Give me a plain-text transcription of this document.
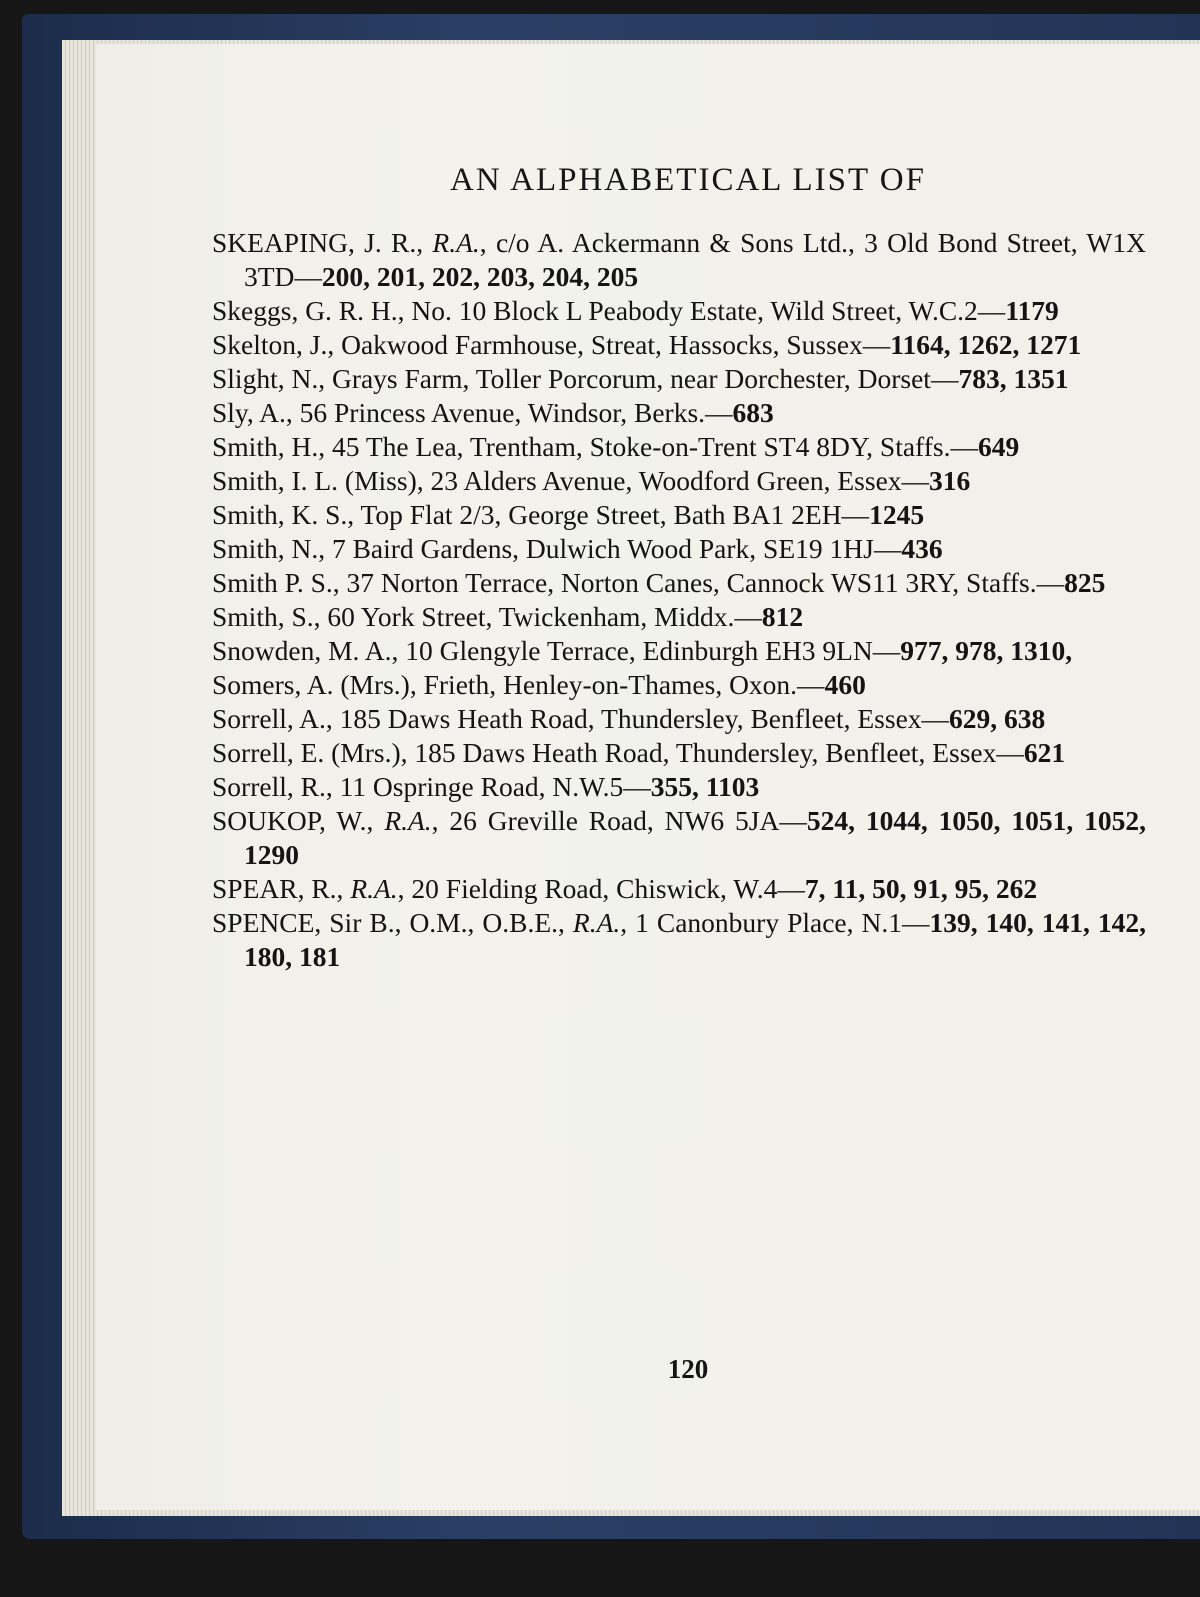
AN ALPHABETICAL LIST OF
SKEAPING, J. R., R.A., c/o A. Ackermann & Sons Ltd., 3 Old Bond Street, W1X 3TD—200, 201, 202, 203, 204, 205
Skeggs, G. R. H., No. 10 Block L Peabody Estate, Wild Street, W.C.2—1179
Skelton, J., Oakwood Farmhouse, Streat, Hassocks, Sussex—1164, 1262, 1271
Slight, N., Grays Farm, Toller Porcorum, near Dorchester, Dorset—783, 1351
Sly, A., 56 Princess Avenue, Windsor, Berks.—683
Smith, H., 45 The Lea, Trentham, Stoke-on-Trent ST4 8DY, Staffs.—649
Smith, I. L. (Miss), 23 Alders Avenue, Woodford Green, Essex—316
Smith, K. S., Top Flat 2/3, George Street, Bath BA1 2EH—1245
Smith, N., 7 Baird Gardens, Dulwich Wood Park, SE19 1HJ—436
Smith P. S., 37 Norton Terrace, Norton Canes, Cannock WS11 3RY, Staffs.—825
Smith, S., 60 York Street, Twickenham, Middx.—812
Snowden, M. A., 10 Glengyle Terrace, Edinburgh EH3 9LN—977, 978, 1310,
Somers, A. (Mrs.), Frieth, Henley-on-Thames, Oxon.—460
Sorrell, A., 185 Daws Heath Road, Thundersley, Benfleet, Essex—629, 638
Sorrell, E. (Mrs.), 185 Daws Heath Road, Thundersley, Benfleet, Essex—621
Sorrell, R., 11 Ospringe Road, N.W.5—355, 1103
SOUKOP, W., R.A., 26 Greville Road, NW6 5JA—524, 1044, 1050, 1051, 1052, 1290
SPEAR, R., R.A., 20 Fielding Road, Chiswick, W.4—7, 11, 50, 91, 95, 262
SPENCE, Sir B., O.M., O.B.E., R.A., 1 Canonbury Place, N.1—139, 140, 141, 142, 180, 181
120
